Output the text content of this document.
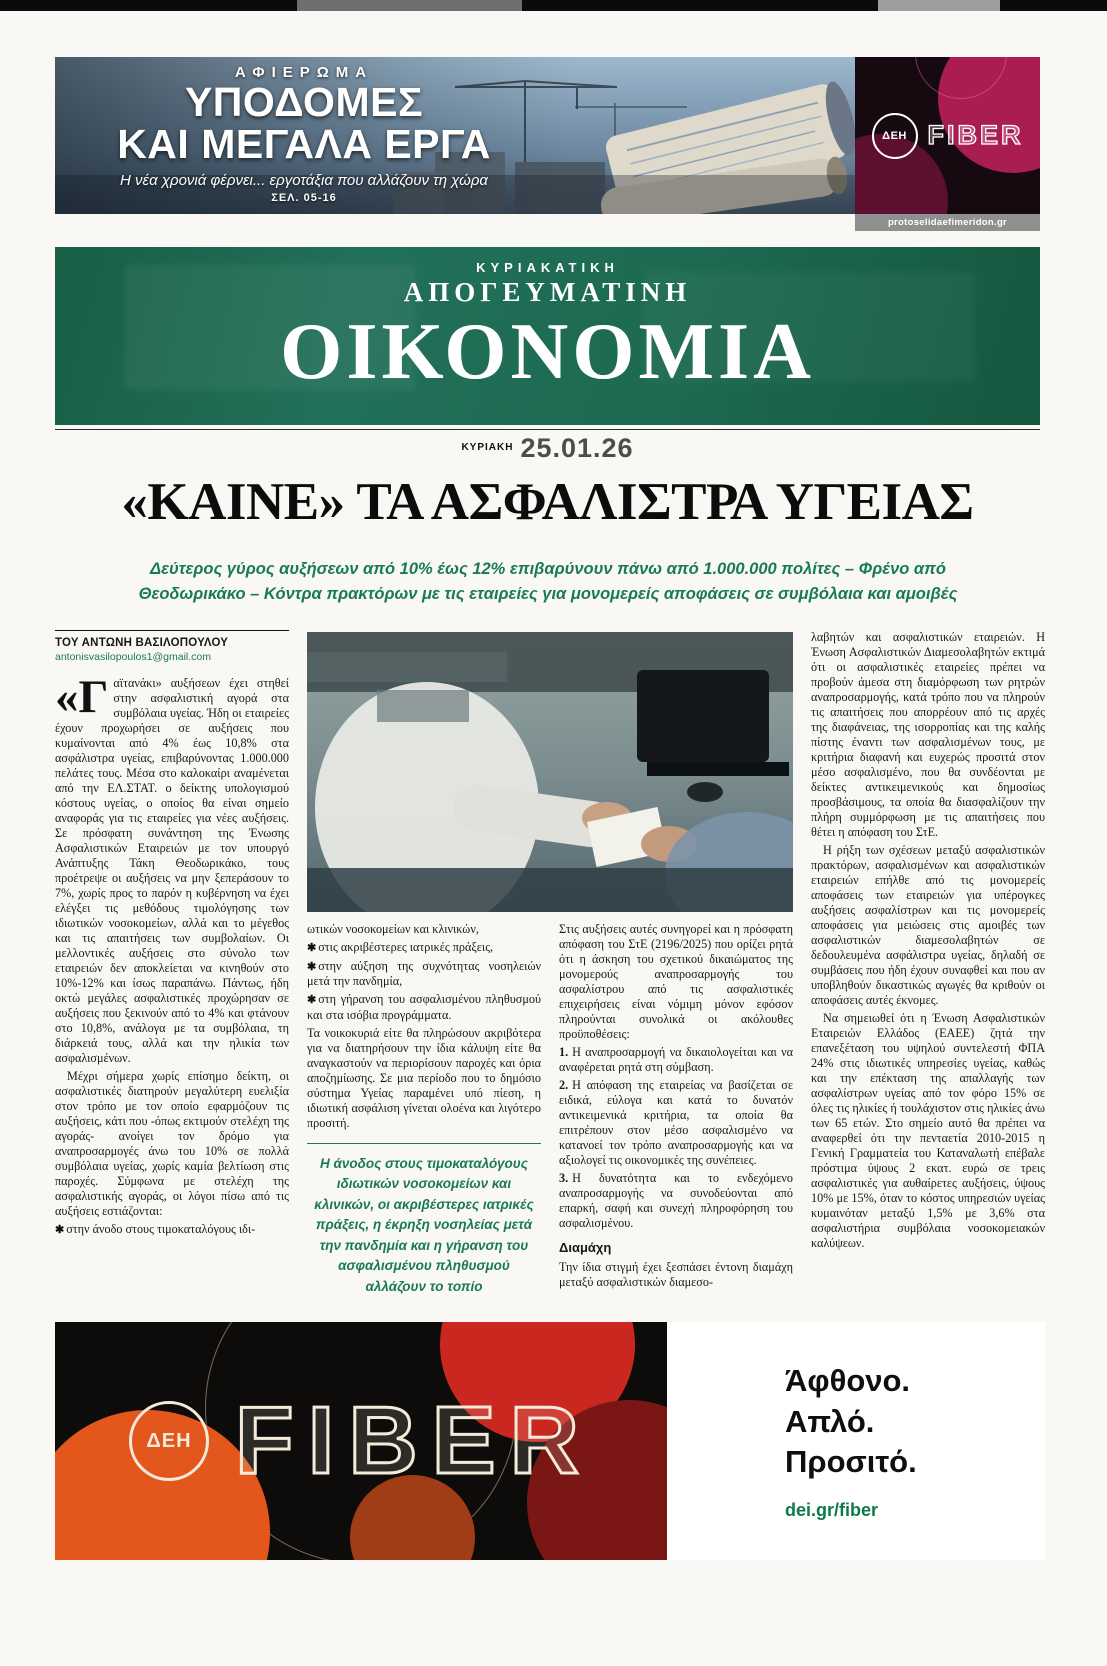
ΑΦΙΕΡΩΜΑ
ΥΠΟΔΟΜΕΣ
ΚΑΙ ΜΕΓΑΛΑ ΕΡΓΑ
Η νέα χρονιά φέρνει... εργοτάξια που αλλάζουν τη χώρα
ΣΕΛ. 05-16
ΔΕΗ FIBER
protoselidaefimeridon.gr
ΚΥΡΙΑΚΑΤΙΚΗ
ΑΠΟΓΕΥΜΑΤΙΝΗ
ΟΙΚΟΝΟΜΙΑ
$^{K\Upsilon PIAKH}$ 25.01.26
«ΚΑΙΝΕ» ΤΑ ΑΣΦΑΛΙΣΤΡΑ ΥΓΕΙΑΣ
Δεύτερος γύρος αυξήσεων από 10% έως 12% επιβαρύνουν πάνω από 1.000.000 πολίτες – Φρένο από Θεοδωρικάκο – Κόντρα πρακτόρων με τις εταιρείες για μονομερείς αποφάσεις σε συμβόλαια και αμοιβές
ΤΟΥ ΑΝΤΩΝΗ ΒΑΣΙΛΟΠΟΥΛΟΥ
antonisvasilopoulos1@gmail.com

«Γαϊτανάκι» αυξήσεων έχει στηθεί στην ασφαλιστική αγορά στα συμβόλαια υγείας. Ήδη οι εταιρείες έχουν προχωρήσει σε αυξήσεις που κυμαίνονται από 4% έως 10,8% στα ασφάλιστρα υγείας, επιβαρύνοντας 1.000.000 πελάτες τους. Μέσα στο καλοκαίρι αναμένεται από την ΕΛ.ΣΤΑΤ. ο δείκτης υπολογισμού κόστους υγείας, ο οποίος θα είναι σημείο αναφοράς για τις εταιρείες για νέες αυξήσεις. Σε πρόσφατη συνάντηση της Ένωσης Ασφαλιστικών Εταιρειών με τον υπουργό Ανάπτυξης Τάκη Θεοδωρικάκο, τους προέτρεψε οι αυξήσεις να μην ξεπεράσουν το 7%, χωρίς προς το παρόν η κυβέρνηση να έχει ελέγξει τις μεθόδους τιμολόγησης των ιδιωτικών νοσοκομείων, αλλά και το μέγεθος και τις απαιτήσεις των συμβολαίων. Οι μελλοντικές αυξήσεις στο σύνολο των εταιρειών δεν αποκλείεται να κινηθούν στο 10%-12% και ίσως παραπάνω. Πάντως, ήδη οκτώ μεγάλες ασφαλιστικές προχώρησαν σε αυξήσεις που ξεκινούν από το 4% και φτάνουν στο 10,8%, ανάλογα με τα συμβόλαια, τη διάρκειά τους, αλλά και την ηλικία των ασφαλισμένων.

Μέχρι σήμερα χωρίς επίσημο δείκτη, οι ασφαλιστικές διατηρούν μεγαλύτερη ευελιξία στον τρόπο με τον οποίο εφαρμόζουν τις αυξήσεις, κάτι που -όπως εκτιμούν στελέχη της αγοράς- ανοίγει τον δρόμο για αναπροσαρμογές άνω του 10% σε πολλά συμβόλαια υγείας, χωρίς καμία βελτίωση στις παροχές. Σύμφωνα με στελέχη της ασφαλιστικής αγοράς, οι λόγοι πίσω από τις αυξήσεις εστιάζονται:

✱ στην άνοδο στους τιμοκαταλόγους ιδι-

ωτικών νοσοκομείων και κλινικών,

✱ στις ακριβέστερες ιατρικές πράξεις,

✱ στην αύξηση της συχνότητας νοσηλειών μετά την πανδημία,

✱ στη γήρανση του ασφαλισμένου πληθυσμού και στα ισόβια προγράμματα.

Τα νοικοκυριά είτε θα πληρώσουν ακριβότερα για να διατηρήσουν την ίδια κάλυψη είτε θα αναγκαστούν να περιορίσουν παροχές και όρια αποζημίωσης. Σε μια περίοδο που το δημόσιο σύστημα Υγείας παραμένει υπό πίεση, η ιδιωτική ασφάλιση γίνεται ολοένα και λιγότερο προσιτή.

Η άνοδος στους τιμοκαταλόγους ιδιωτικών νοσοκομείων και κλινικών, οι ακριβέστερες ιατρικές πράξεις, η έκρηξη νοσηλείας μετά την πανδημία και η γήρανση του ασφαλισμένου πληθυσμού αλλάζουν το τοπίο

Στις αυξήσεις αυτές συνηγορεί και η πρόσφατη απόφαση του ΣτΕ (2196/2025) που ορίζει ρητά ότι η άσκηση του σχετικού δικαιώματος της μονομερούς αναπροσαρμογής του ασφαλίστρου από τις ασφαλιστικές επιχειρήσεις είναι νόμιμη μόνον εφόσον πληρούνται συνολικά οι ακόλουθες προϋποθέσεις:

1. Η αναπροσαρμογή να δικαιολογείται και να αναφέρεται ρητά στη σύμβαση.

2. Η απόφαση της εταιρείας να βασίζεται σε ειδικά, εύλογα και κατά το δυνατόν αντικειμενικά κριτήρια, τα οποία θα επιτρέπουν στον μέσο ασφαλισμένο να κατανοεί τον τρόπο αναπροσαρμογής και να αξιολογεί τις οικονομικές της συνέπειες.

3. Η δυνατότητα και το ενδεχόμενο αναπροσαρμογής να συνοδεύονται από επαρκή, σαφή και συνεχή πληροφόρηση του ασφαλισμένου.

Διαμάχη

Την ίδια στιγμή έχει ξεσπάσει έντονη διαμάχη μεταξύ ασφαλιστικών διαμεσο-

λαβητών και ασφαλιστικών εταιρειών. Η Ένωση Ασφαλιστικών Διαμεσολαβητών εκτιμά ότι οι ασφαλιστικές εταιρείες πρέπει να προβούν άμεσα στη διαμόρφωση των ρητρών αναπροσαρμογής, κατά τρόπο που να πληρούν τις απαιτήσεις που απορρέουν από τις αρχές της διαφάνειας, της ισορροπίας και της καλής πίστης έναντι των ασφαλισμένων τους, με κριτήρια διαφανή και ευχερώς προσιτά στον μέσο ασφαλισμένο, που θα συνδέονται με δείκτες αντικειμενικούς και δημοσίως προσβάσιμους, τα οποία θα διασφαλίζουν την πλήρη συμμόρφωση με τις απαιτήσεις που θέτει η απόφαση του ΣτΕ.

Η ρήξη των σχέσεων μεταξύ ασφαλιστικών πρακτόρων, ασφαλισμένων και ασφαλιστικών εταιρειών επήλθε από τις μονομερείς αποφάσεις των εταιρειών για υπέρογκες αυξήσεις ασφαλίστρων και τις μονομερείς αποφάσεις για μειώσεις στις αμοιβές των ασφαλιστικών διαμεσολαβητών σε δεδουλευμένα ασφάλιστρα υγείας, δηλαδή σε συμβάσεις που ήδη έχουν συναφθεί και που αν υποβληθούν δικαστικώς αγωγές θα κριθούν οι αποφάσεις αυτές έκνομες.

Να σημειωθεί ότι η Ένωση Ασφαλιστικών Εταιρειών Ελλάδος (ΕΑΕΕ) ζητά την επανεξέταση του υψηλού συντελεστή ΦΠΑ 24% στις ιδιωτικές υπηρεσίες υγείας, καθώς και την επέκταση της απαλλαγής των ασφαλίστρων υγείας από τον φόρο 15% σε όλες τις ηλικίες ή τουλάχιστον στις ηλικίες άνω των 65 ετών. Στο σημείο αυτό θα πρέπει να αναφερθεί ότι την πενταετία 2010-2015 η Γενική Γραμματεία του Καταναλωτή επέβαλε πρόστιμα ύψους 2 εκατ. ευρώ σε τρεις ασφαλιστικές για αυθαίρετες αυξήσεις, ύψους 10% με 15%, όταν το κόστος υπηρεσιών υγείας κυμαινόταν μεταξύ 1,5% με 3,6% στα ασφαλιστήρια συμβόλαια νοσοκομειακών καλύψεων.

ΔΕΗ FIBER
Άφθονο.
Απλό.
Προσιτό.
dei.gr/fiber
